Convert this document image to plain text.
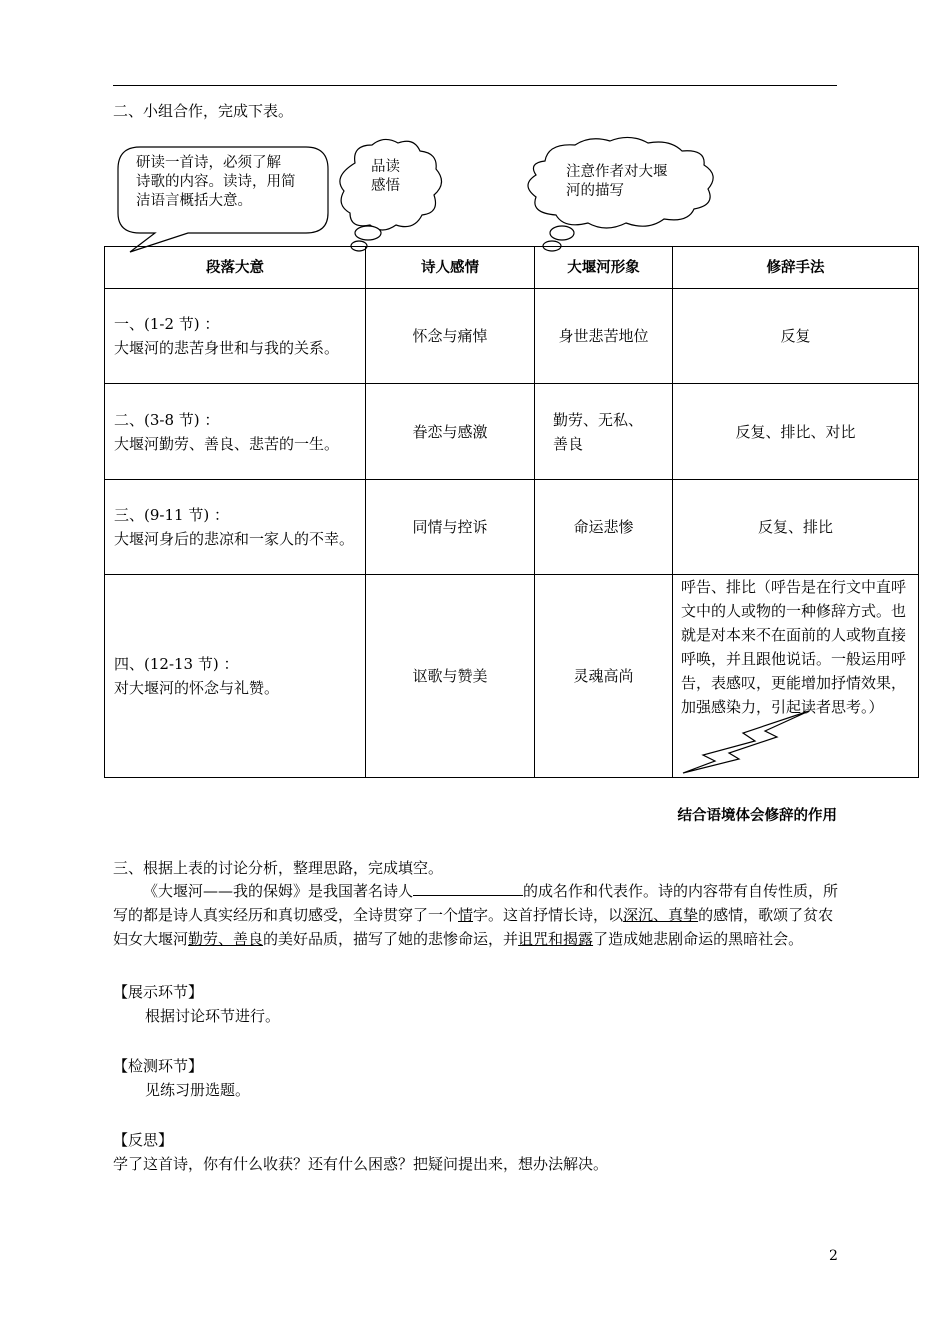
二、小组合作，完成下表。
研读一首诗，必须了解
诗歌的内容。读诗，用简
洁语言概括大意。
品读
感悟
注意作者对大堰
河的描写
段落大意	诗人感情	大堰河形象	修辞手法

一、(1-2 节) ：
大堰河的悲苦身世和与我的关系。	怀念与痛悼	身世悲苦地位	反复

二、(3-8 节) ：
大堰河勤劳、善良、悲苦的一生。	眷恋与感激	勤劳、无私、善良	反复、排比、对比

三、(9-11 节) ：
大堰河身后的悲凉和一家人的不幸。	同情与控诉	命运悲惨	反复、排比

四、(12-13 节) ：
对大堰河的怀念与礼赞。	讴歌与赞美	灵魂高尚	呼告、排比（呼告是在行文中直呼文中的人或物的一种修辞方式。也就是对本来不在面前的人或物直接呼唤，并且跟他说话。一般运用呼告，表感叹，更能增加抒情效果，加强感染力，引起读者思考。）
结合语境体会修辞的作用
三、根据上表的讨论分析，整理思路，完成填空。
《大堰河——我的保姆》是我国著名诗人	的成名作和代表作。诗的内容带有自传性质，所写的都是诗人真实经历和真切感受，全诗贯穿了一个情字。这首抒情长诗，以深沉、真挚的感情，歌颂了贫农妇女大堰河勤劳、善良的美好品质，描写了她的悲惨命运，并诅咒和揭露了造成她悲剧命运的黑暗社会。
【展示环节】
根据讨论环节进行。
【检测环节】
见练习册选题。
【反思】
学了这首诗，你有什么收获？还有什么困惑？把疑问提出来，想办法解决。
2
